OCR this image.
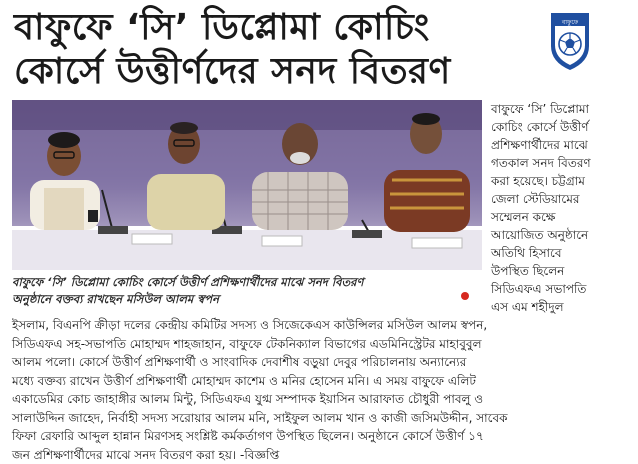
বাফুফে ‘সি’ ডিপ্লোমা কোচিং
কোর্সে উত্তীর্ণদের সনদ বিতরণ
বাফুফে
বাফুফে ‘সি’ ডিপ্লোমা কোচিং কোর্সে উত্তীর্ণ প্রশিক্ষণার্থীদের মাঝে সনদ বিতরণ
অনুষ্ঠানে বক্তব্য রাখছেন মসিউল আলম স্বপন
বাফুফে ‘সি’ ডিপ্লোমা
কোচিং কোর্সে উত্তীর্ণ
প্রশিক্ষণার্থীদের মাঝে
গতকাল সনদ বিতরণ
করা হয়েছে। চট্টগ্রাম
জেলা স্টেডিয়ামের
সম্মেলন কক্ষে
আয়োজিত অনুষ্ঠানে
অতিথি হিসাবে
উপস্থিত ছিলেন
সিডিএফএ সভাপতি
এস এম শহীদুল
ইসলাম, বিএনপি ক্রীড়া দলের কেন্দ্রীয় কমিটির সদস্য ও সিজেকেএস কাউন্সিলর মসিউল আলম স্বপন,
সিডিএফএ সহ-সভাপতি মোহাম্মদ শাহজাহান, বাফুফে টেকনিক্যাল বিভাগের এডমিনিস্ট্রেটর মাহাবুবুল
আলম পলো। কোর্সে উত্তীর্ণ প্রশিক্ষণার্থী ও সাংবাদিক দেবাশীষ বড়ুয়া দেবুর পরিচালনায় অন্যান্যের
মধ্যে বক্তব্য রাখেন উত্তীর্ণ প্রশিক্ষণার্থী মোহাম্মদ কাশেম ও মনির হোসেন মনি। এ সময় বাফুফে এলিট
একাডেমির কোচ জাহাঙ্গীর আলম মিন্টু, সিডিএফএ যুগ্ম সম্পাদক ইয়াসিন আরাফাত চৌধুরী পাবলু ও
সালাউদ্দিন জাহেদ, নির্বাহী সদস্য সরোয়ার আলম মনি, সাইফুল আলম খান ও কাজী জসিমউদ্দীন, সাবেক
ফিফা রেফারি আব্দুল হান্নান মিরণসহ সংশ্লিষ্ট কর্মকর্তাগণ উপস্থিত ছিলেন। অনুষ্ঠানে কোর্সে উত্তীর্ণ ১৭
জন প্রশিক্ষণার্থীদের মাঝে সনদ বিতরণ করা হয়। -বিজ্ঞপ্তি
